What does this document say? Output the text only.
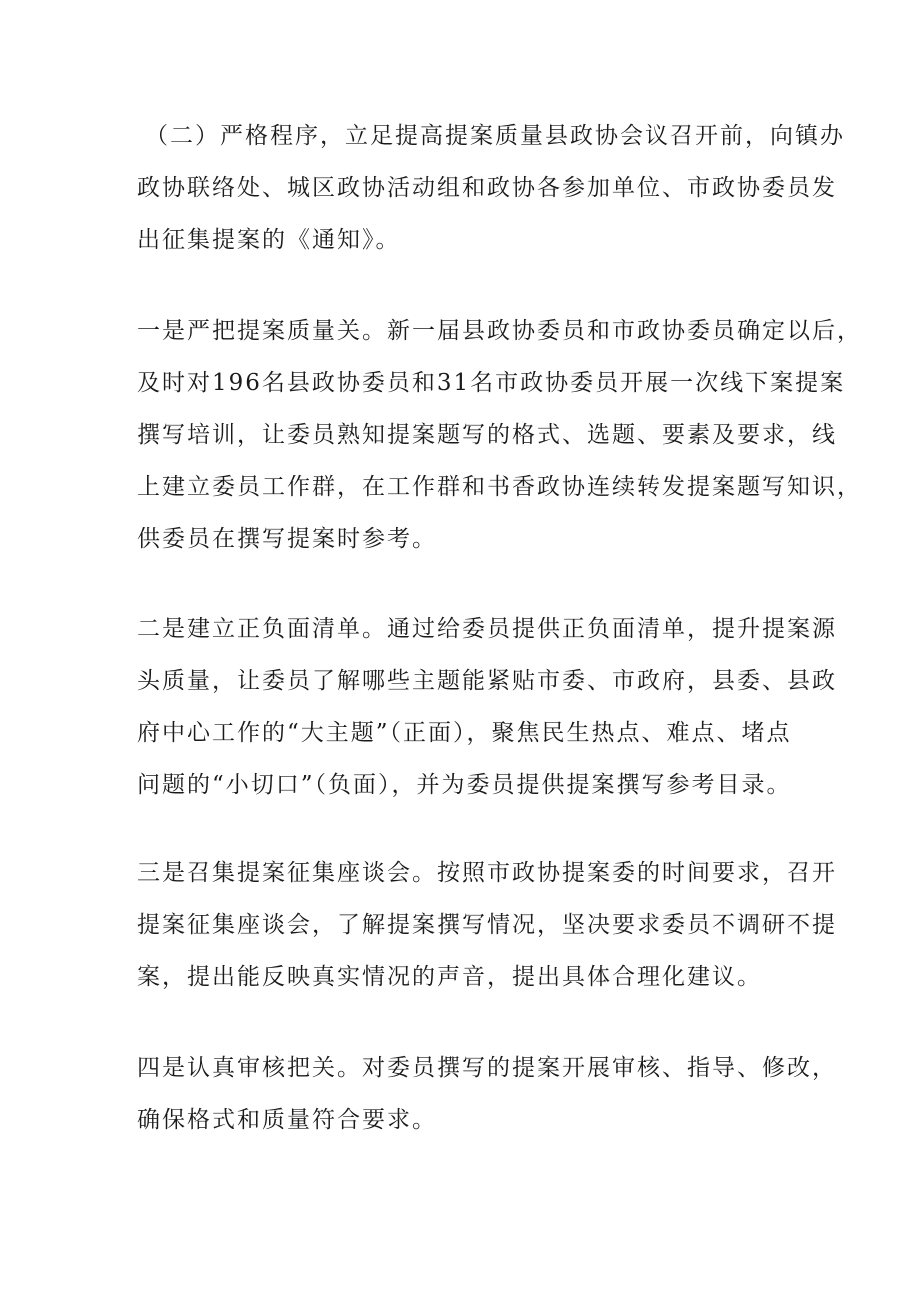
（二）严格程序，立足提高提案质量县政协会议召开前，向镇办
政协联络处、城区政协活动组和政协各参加单位、市政协委员发
出征集提案的《通知》。
一是严把提案质量关。新一届县政协委员和市政协委员确定以后，
及时对196名县政协委员和31名市政协委员开展一次线下案提案
撰写培训，让委员熟知提案题写的格式、选题、要素及要求，线
上建立委员工作群，在工作群和书香政协连续转发提案题写知识，
供委员在撰写提案时参考。
二是建立正负面清单。通过给委员提供正负面清单，提升提案源
头质量，让委员了解哪些主题能紧贴市委、市政府，县委、县政
府中心工作的“大主题”（正面），聚焦民生热点、难点、堵点
问题的“小切口”（负面），并为委员提供提案撰写参考目录。
三是召集提案征集座谈会。按照市政协提案委的时间要求，召开
提案征集座谈会，了解提案撰写情况，坚决要求委员不调研不提
案，提出能反映真实情况的声音，提出具体合理化建议。
四是认真审核把关。对委员撰写的提案开展审核、指导、修改，
确保格式和质量符合要求。
